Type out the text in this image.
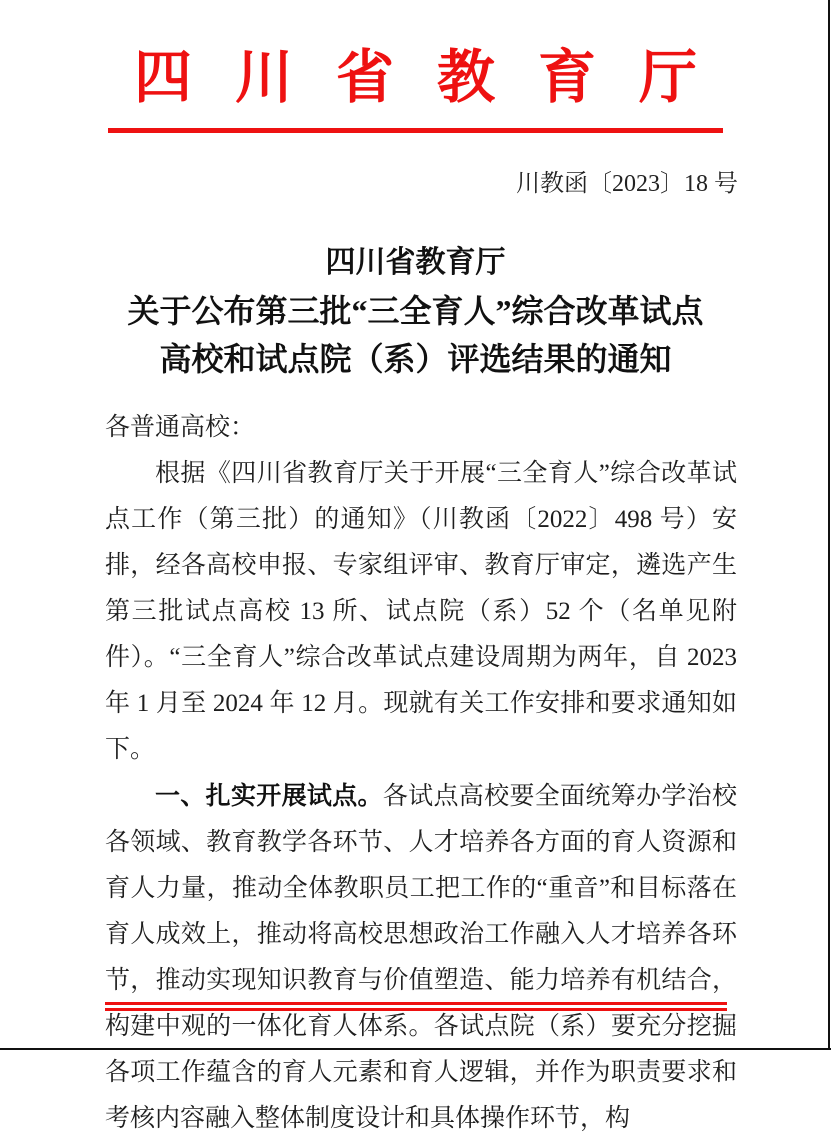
四川省教育厅
川教函〔2023〕18 号
四川省教育厅
关于公布第三批“三全育人”综合改革试点
高校和试点院（系）评选结果的通知

各普通高校：

根据《四川省教育厅关于开展“三全育人”综合改革试点工作（第三批）的通知》（川教函〔2022〕498 号）安排，经各高校申报、专家组评审、教育厅审定，遴选产生第三批试点高校 13 所、试点院（系）52 个（名单见附件）。“三全育人”综合改革试点建设周期为两年，自 2023 年 1 月至 2024 年 12 月。现就有关工作安排和要求通知如下。

一、扎实开展试点。各试点高校要全面统筹办学治校各领域、教育教学各环节、人才培养各方面的育人资源和育人力量，推动全体教职员工把工作的“重音”和目标落在育人成效上，推动将高校思想政治工作融入人才培养各环节，推动实现知识教育与价值塑造、能力培养有机结合，构建中观的一体化育人体系。各试点院（系）要充分挖掘各项工作蕴含的育人元素和育人逻辑，并作为职责要求和考核内容融入整体制度设计和具体操作环节，构
